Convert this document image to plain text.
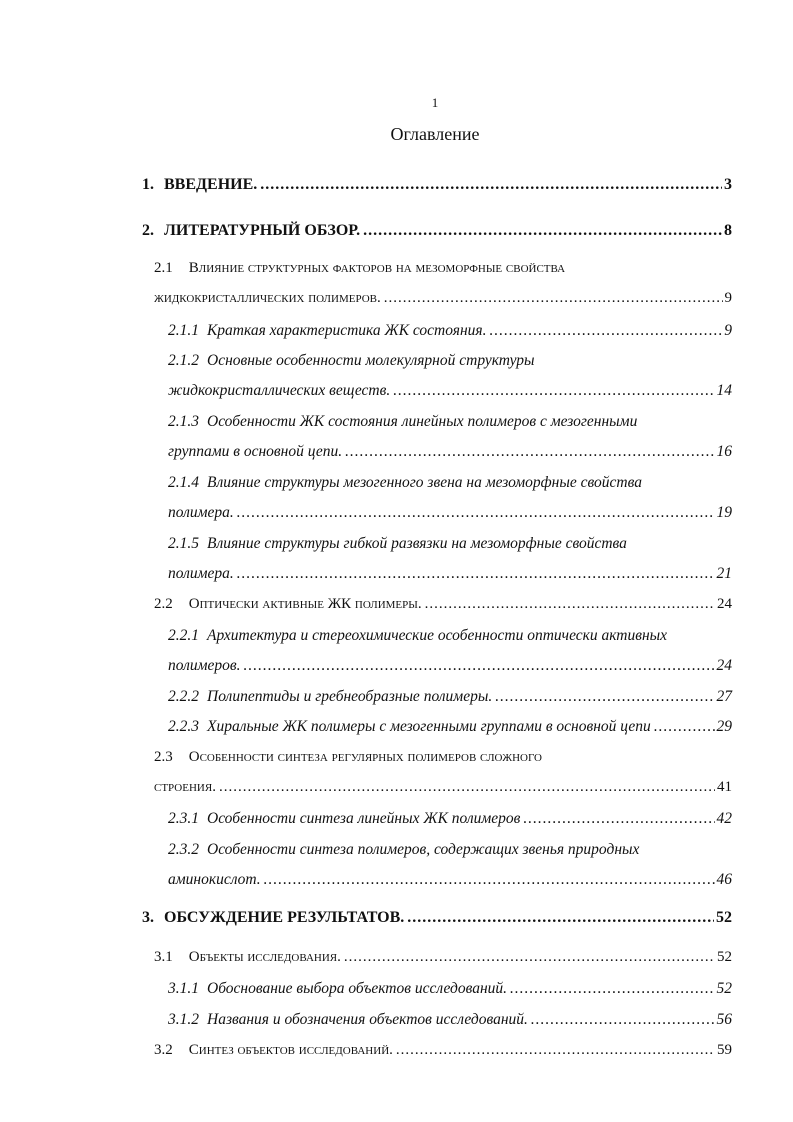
1
Оглавление
1. ВВЕДЕНИЕ. .....	3
2. ЛИТЕРАТУРНЫЙ ОБЗОР. .....	8
2.1 Влияние структурных факторов на мезоморфные свойства
жидкокристаллических полимеров. .....	9
2.1.1 Краткая характеристика ЖК состояния. .....	9
2.1.2 Основные особенности молекулярной структуры
жидкокристаллических веществ. .....	14
2.1.3 Особенности ЖК состояния линейных полимеров с мезогенными
группами в основной цепи. .....	16
2.1.4 Влияние структуры мезогенного звена на мезоморфные свойства
полимера. .....	19
2.1.5 Влияние структуры гибкой развязки на мезоморфные свойства
полимера. .....	21
2.2 Оптически активные ЖК полимеры. .....	24
2.2.1 Архитектура и стереохимические особенности оптически активных
полимеров. .....	24
2.2.2 Полипептиды и гребнеобразные полимеры. .....	27
2.2.3 Хиральные ЖК полимеры с мезогенными группами в основной цепи .....	29
2.3 Особенности синтеза регулярных полимеров сложного
строения. .....	41
2.3.1 Особенности синтеза линейных ЖК полимеров .....	42
2.3.2 Особенности синтеза полимеров, содержащих звенья природных
аминокислот. .....	46
3. ОБСУЖДЕНИЕ РЕЗУЛЬТАТОВ. .....	52
3.1 Объекты исследования. .....	52
3.1.1 Обоснование выбора объектов исследований. .....	52
3.1.2 Названия и обозначения объектов исследований. .....	56
3.2 Синтез объектов исследований. .....	59
